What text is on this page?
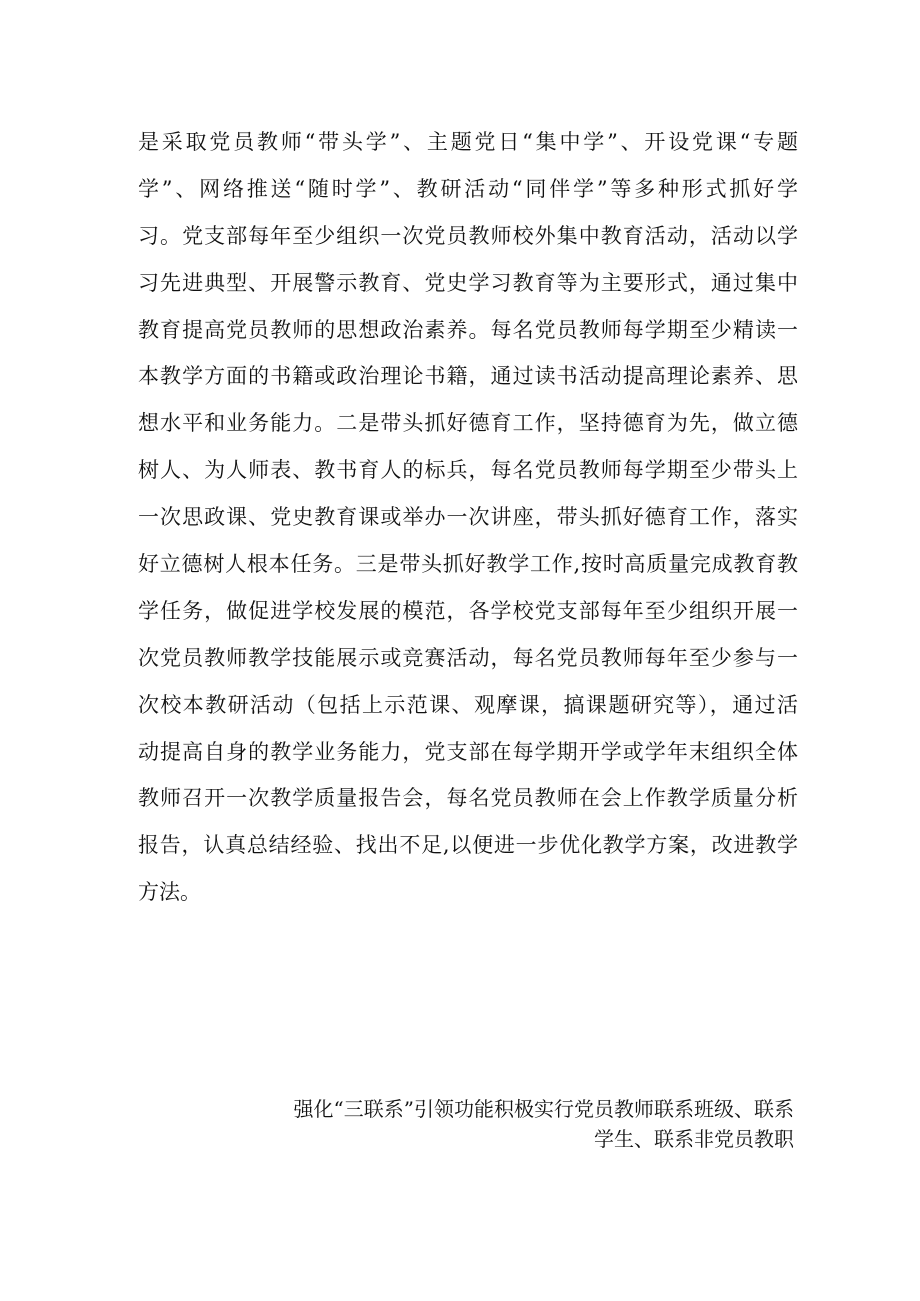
是采取党员教师“带头学”、主题党日“集中学”、开设党课“专题
学”、网络推送“随时学”、教研活动“同伴学”等多种形式抓好学
习。党支部每年至少组织一次党员教师校外集中教育活动，活动以学
习先进典型、开展警示教育、党史学习教育等为主要形式，通过集中
教育提高党员教师的思想政治素养。每名党员教师每学期至少精读一
本教学方面的书籍或政治理论书籍，通过读书活动提高理论素养、思
想水平和业务能力。二是带头抓好德育工作，坚持德育为先，做立德
树人、为人师表、教书育人的标兵，每名党员教师每学期至少带头上
一次思政课、党史教育课或举办一次讲座，带头抓好德育工作，落实
好立德树人根本任务。三是带头抓好教学工作,按时高质量完成教育教
学任务，做促进学校发展的模范，各学校党支部每年至少组织开展一
次党员教师教学技能展示或竞赛活动，每名党员教师每年至少参与一
次校本教研活动（包括上示范课、观摩课，搞课题研究等），通过活
动提高自身的教学业务能力，党支部在每学期开学或学年末组织全体
教师召开一次教学质量报告会，每名党员教师在会上作教学质量分析
报告，认真总结经验、找出不足,以便进一步优化教学方案，改进教学
方法。
强化“三联系”引领功能积极实行党员教师联系班级、联系
学生、联系非党员教职
